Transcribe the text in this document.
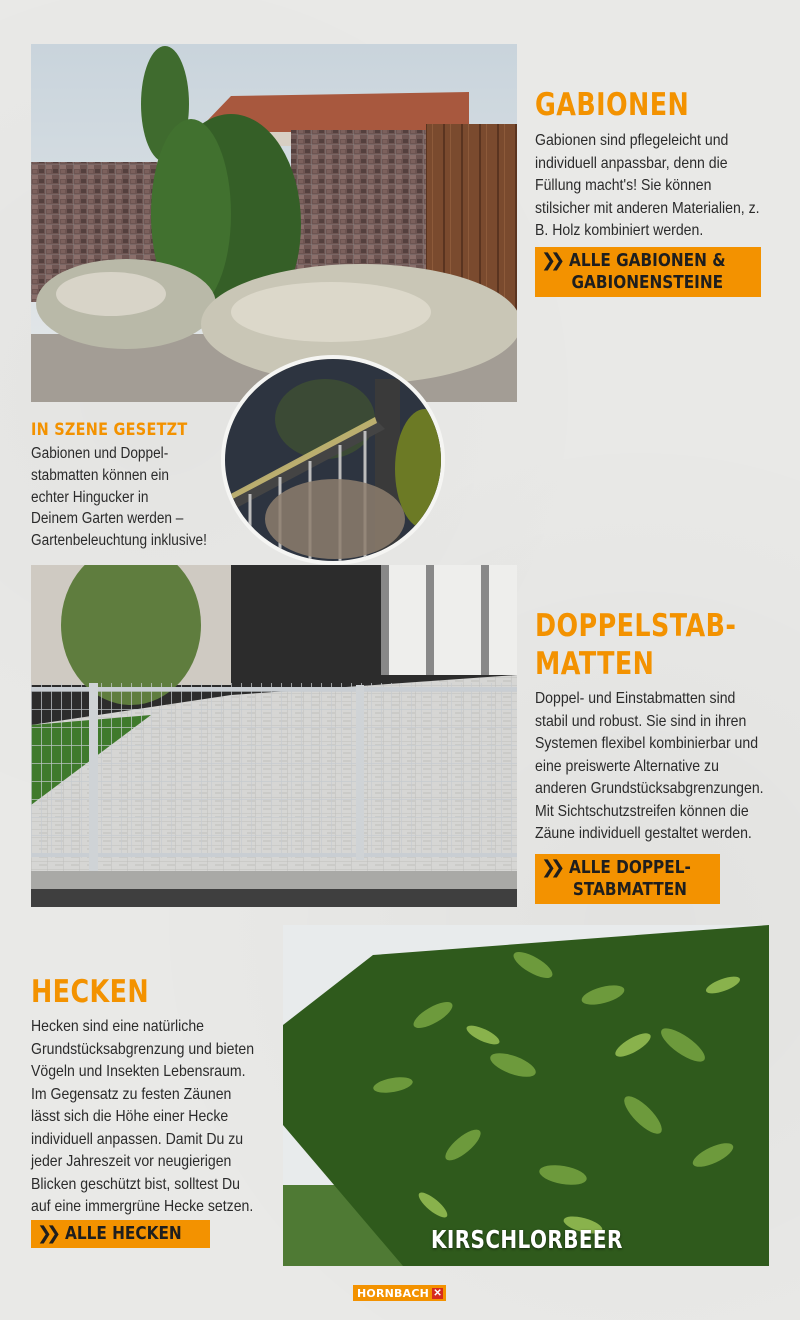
GABIONEN

Gabionen sind pflegeleicht und individuell anpassbar, denn die Füllung macht's! Sie können stilsicher mit anderen Materialien, z. B. Holz kombiniert werden.

❯❯ ALLE GABIONEN &
GABIONENSTEINE
IN SZENE GESETZT

Gabionen und Doppel-
stabmatten können ein
echter Hingucker in
Deinem Garten werden –
Gartenbeleuchtung inklusive!

DOPPELSTAB-
MATTEN

Doppel- und Einstabmatten sind stabil und robust. Sie sind in ihren Systemen flexibel kombinierbar und eine preiswerte Alternative zu anderen Grundstücksabgrenzungen. Mit Sichtschutzstreifen können die Zäune individuell gestaltet werden.

❯❯ ALLE DOPPEL-
STABMATTEN
HECKEN

Hecken sind eine natürliche Grundstücksabgrenzung und bieten Vögeln und Insekten Lebensraum. Im Gegensatz zu festen Zäunen lässt sich die Höhe einer Hecke individuell anpassen. Damit Du zu jeder Jahreszeit vor neugierigen Blicken geschützt bist, solltest Du auf eine immergrüne Hecke setzen.

❯❯ ALLE HECKEN	KIRSCHLORBEER
HORNBACH ✕
